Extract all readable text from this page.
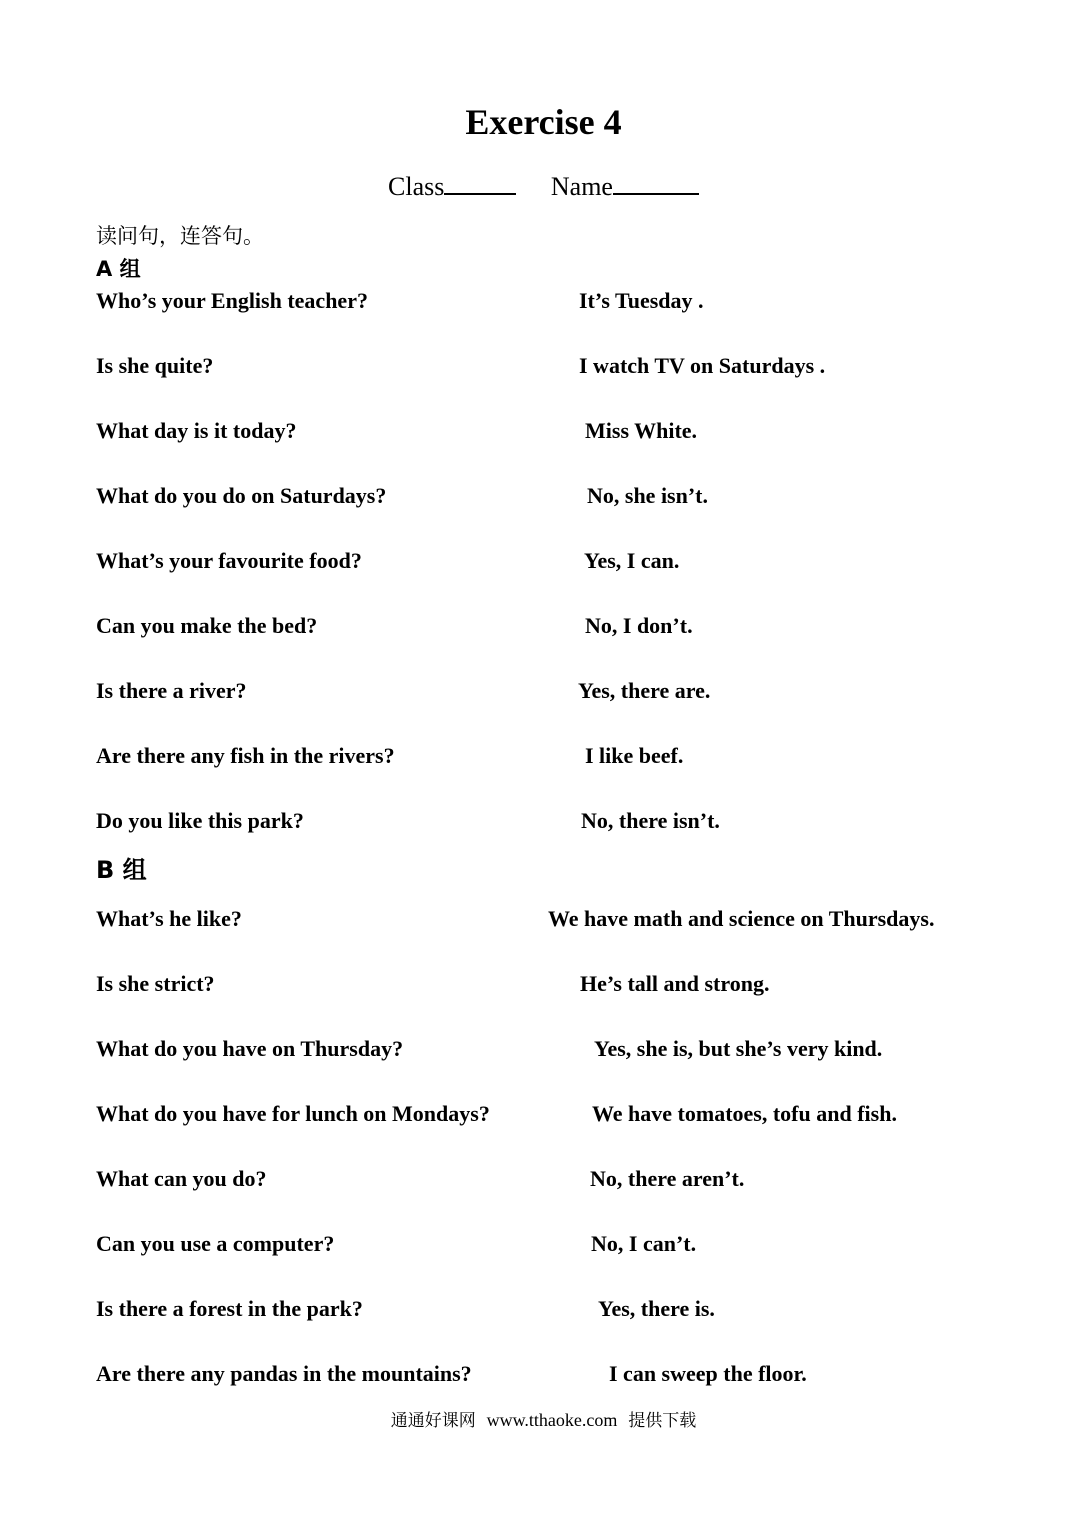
Exercise 4
Class	Name
读问句，连答句。
A 组
Who’s your English teacher?
Is she quite?
What day is it today?
What do you do on Saturdays?
What’s your favourite food?
Can you make the bed?
Is there a river?
Are there any fish in the rivers?
Do you like this park?
It’s Tuesday .
I watch TV on Saturdays .
Miss White.
No, she isn’t.
Yes, I can.
No, I don’t.
Yes, there are.
I like beef.
No, there isn’t.
B 组
What’s he like?
Is she strict?
What do you have on Thursday?
What do you have for lunch on Mondays?
What can you do?
Can you use a computer?
Is there a forest in the park?
Are there any pandas in the mountains?
We have math and science on Thursdays.
He’s tall and strong.
Yes, she is, but she’s very kind.
We have tomatoes, tofu and fish.
No, there aren’t.
No, I can’t.
Yes, there is.
I can sweep the floor.
通通好课网 www.tthaoke.com 提供下载
